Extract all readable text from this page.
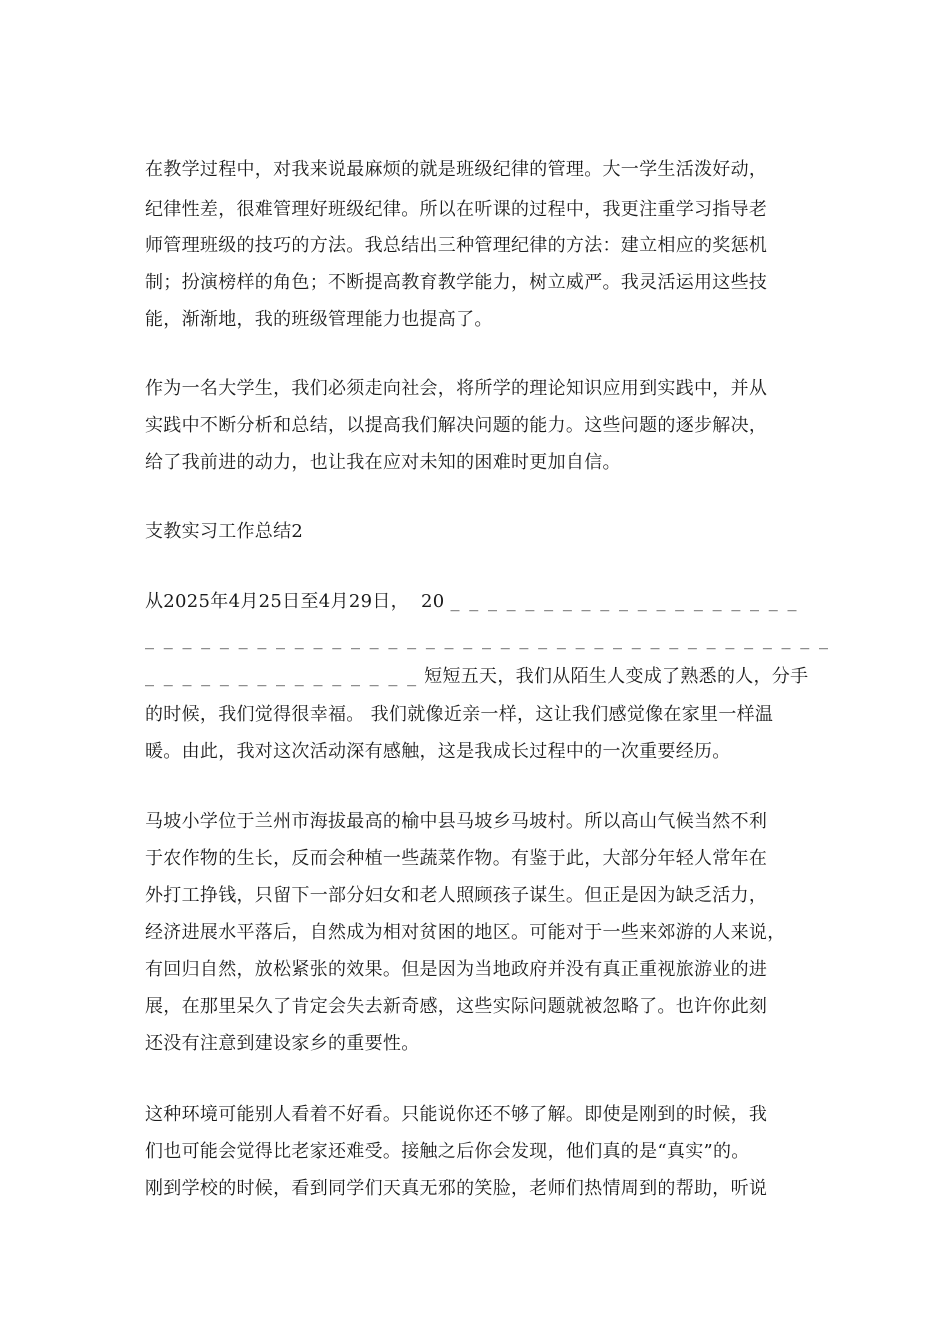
在教学过程中，对我来说最麻烦的就是班级纪律的管理。大一学生活泼好动，
纪律性差，很难管理好班级纪律。所以在听课的过程中，我更注重学习指导老
师管理班级的技巧的方法。我总结出三种管理纪律的方法：建立相应的奖惩机
制；扮演榜样的角色；不断提高教育教学能力，树立威严。我灵活运用这些技
能，渐渐地，我的班级管理能力也提高了。
作为一名大学生，我们必须走向社会，将所学的理论知识应用到实践中，并从
实践中不断分析和总结，以提高我们解决问题的能力。这些问题的逐步解决，
给了我前进的动力，也让我在应对未知的困难时更加自信。
支教实习工作总结2
从2025年4月25日至4月29日，  20 _ _ _ _ _ _ _ _ _ _ _ _ _ _ _ _ _ _ _
_ _ _ _ _ _ _ _ _ _ _ _ _ _ _ _ _ _ _ _ _ _ _ _ _ _ _ _ _ _ _ _ _ _ _ _ _
_ _ _ _ _ _ _ _ _ _ _ _ _ _ _ 短短五天，我们从陌生人变成了熟悉的人，分手
的时候，我们觉得很幸福。 我们就像近亲一样，这让我们感觉像在家里一样温
暖。由此，我对这次活动深有感触，这是我成长过程中的一次重要经历。
马坡小学位于兰州市海拔最高的榆中县马坡乡马坡村。所以高山气候当然不利
于农作物的生长，反而会种植一些蔬菜作物。有鉴于此，大部分年轻人常年在
外打工挣钱，只留下一部分妇女和老人照顾孩子谋生。但正是因为缺乏活力，
经济进展水平落后，自然成为相对贫困的地区。可能对于一些来郊游的人来说，
有回归自然，放松紧张的效果。但是因为当地政府并没有真正重视旅游业的进
展，在那里呆久了肯定会失去新奇感，这些实际问题就被忽略了。也许你此刻
还没有注意到建设家乡的重要性。
这种环境可能别人看着不好看。只能说你还不够了解。即使是刚到的时候，我
们也可能会觉得比老家还难受。接触之后你会发现，他们真的是“真实”的。
刚到学校的时候，看到同学们天真无邪的笑脸，老师们热情周到的帮助，听说
